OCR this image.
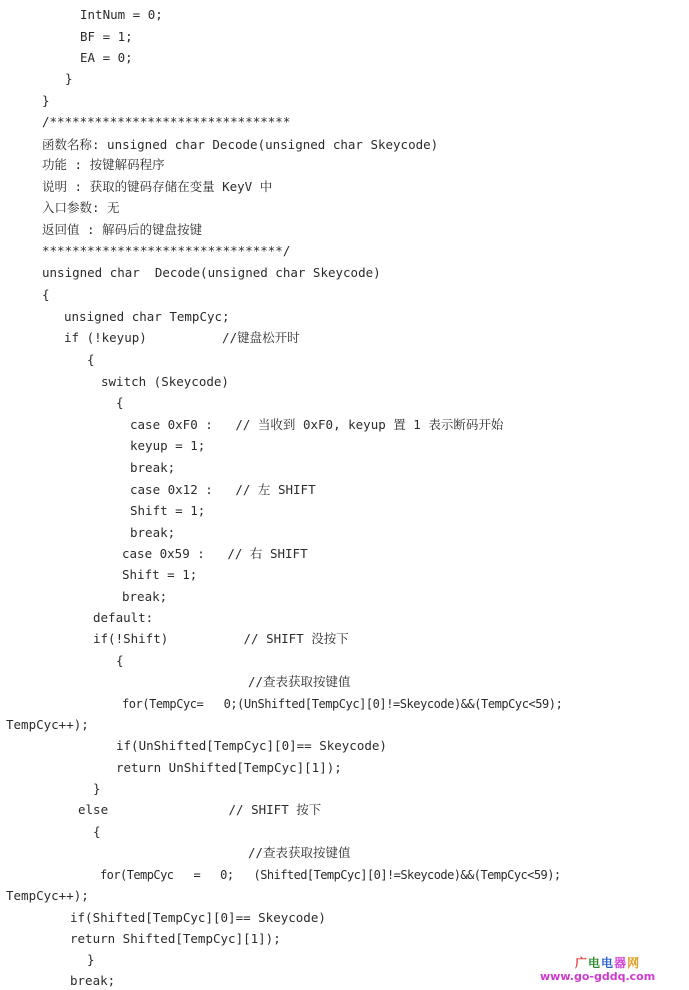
IntNum = 0;
BF = 1;
EA = 0;
}
}
/********************************
函数名称: unsigned char Decode(unsigned char Skeycode)
功能 : 按键解码程序
说明 : 获取的键码存储在变量 KeyV 中
入口参数: 无
返回值 : 解码后的键盘按键
********************************/
unsigned char  Decode(unsigned char Skeycode)
{
unsigned char TempCyc;
if (!keyup)          //键盘松开时
{
switch (Skeycode)
{
case 0xF0 :   // 当收到 0xF0, keyup 置 1 表示断码开始
keyup = 1;
break;
case 0x12 :   // 左 SHIFT
Shift = 1;
break;
case 0x59 :   // 右 SHIFT
Shift = 1;
break;
default:
if(!Shift)          // SHIFT 没按下
{
//查表获取按键值
for(TempCyc=   0;(UnShifted[TempCyc][0]!=Skeycode)&&(TempCyc<59);
TempCyc++);
if(UnShifted[TempCyc][0]== Skeycode)
return UnShifted[TempCyc][1]);
}
else                // SHIFT 按下
{
//查表获取按键值
for(TempCyc   =   0;   (Shifted[TempCyc][0]!=Skeycode)&&(TempCyc<59);
TempCyc++);
if(Shifted[TempCyc][0]== Skeycode)
return Shifted[TempCyc][1]);
}
break;
广电电器网
www.go-gddq.com
